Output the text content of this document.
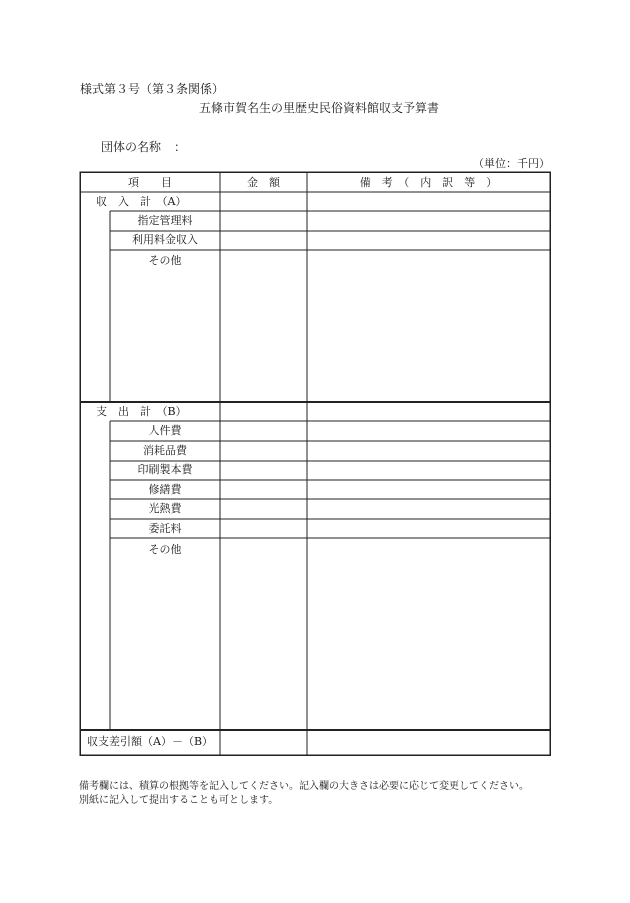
様式第３号（第３条関係）
五條市賀名生の里歴史民俗資料館収支予算書
団体の名称 ：
（単位：千円）
項　　目	金　額	備　考　（　内　訳　等　）
収　入　計　（A）
指定管理料
利用料金収入
その他
支　出　計　（B）
人件費
消耗品費
印刷製本費
修繕費
光熱費
委託料
その他
収支差引額（A）－（B）
備考欄には、積算の根拠等を記入してください。記入欄の大きさは必要に応じて変更してください。
別紙に記入して提出することも可とします。
